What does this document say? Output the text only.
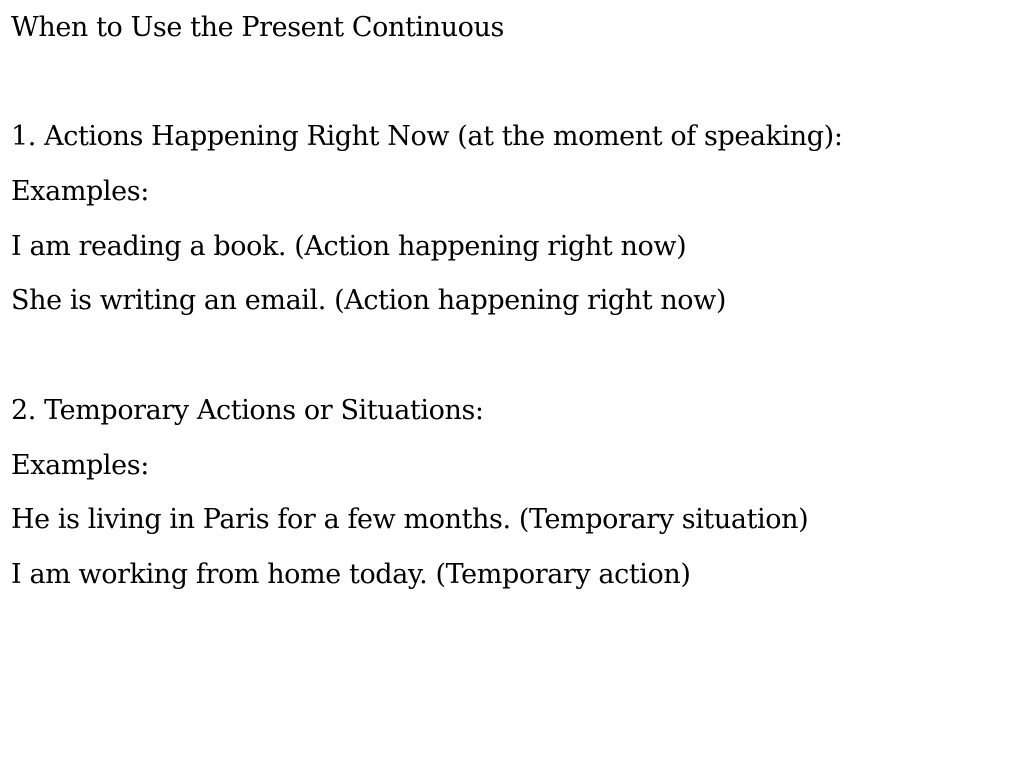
When to Use the Present Continuous
1. Actions Happening Right Now (at the moment of speaking):
Examples:
I am reading a book. (Action happening right now)
She is writing an email. (Action happening right now)
2. Temporary Actions or Situations:
Examples:
He is living in Paris for a few months. (Temporary situation)
I am working from home today. (Temporary action)
